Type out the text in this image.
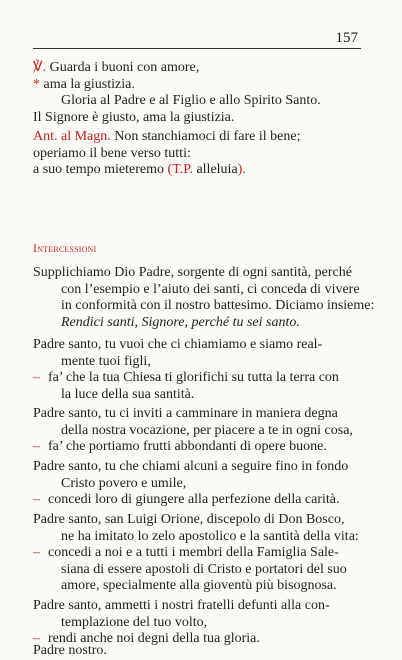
157
℣. Guarda i buoni con amore,
* ama la giustizia.
Gloria al Padre e al Figlio e allo Spirito Santo.
Il Signore è giusto, ama la giustizia.
Ant. al Magn. Non stanchiamoci di fare il bene;
operiamo il bene verso tutti:
a suo tempo mieteremo (T.P. alleluia).
Intercessioni
Supplichiamo Dio Padre, sorgente di ogni santità, perché
con l’esempio e l’aiuto dei santi, ci conceda di vivere
in conformità con il nostro battesimo. Diciamo insieme:
Rendici santi, Signore, perché tu sei santo.
Padre santo, tu vuoi che ci chiamiamo e siamo real-
mente tuoi figli,
– fa’ che la tua Chiesa ti glorifichi su tutta la terra con
la luce della sua santità.
Padre santo, tu ci inviti a camminare in maniera degna
della nostra vocazione, per piacere a te in ogni cosa,
– fa’ che portiamo frutti abbondanti di opere buone.
Padre santo, tu che chiami alcuni a seguire fino in fondo
Cristo povero e umile,
– concedi loro di giungere alla perfezione della carità.
Padre santo, san Luigi Orione, discepolo di Don Bosco,
ne ha imitato lo zelo apostolico e la santità della vita:
– concedi a noi e a tutti i membri della Famiglia Sale-
siana di essere apostoli di Cristo e portatori del suo
amore, specialmente alla gioventù più bisognosa.
Padre santo, ammetti i nostri fratelli defunti alla con-
templazione del tuo volto,
– rendi anche noi degni della tua gloria.
Padre nostro.
